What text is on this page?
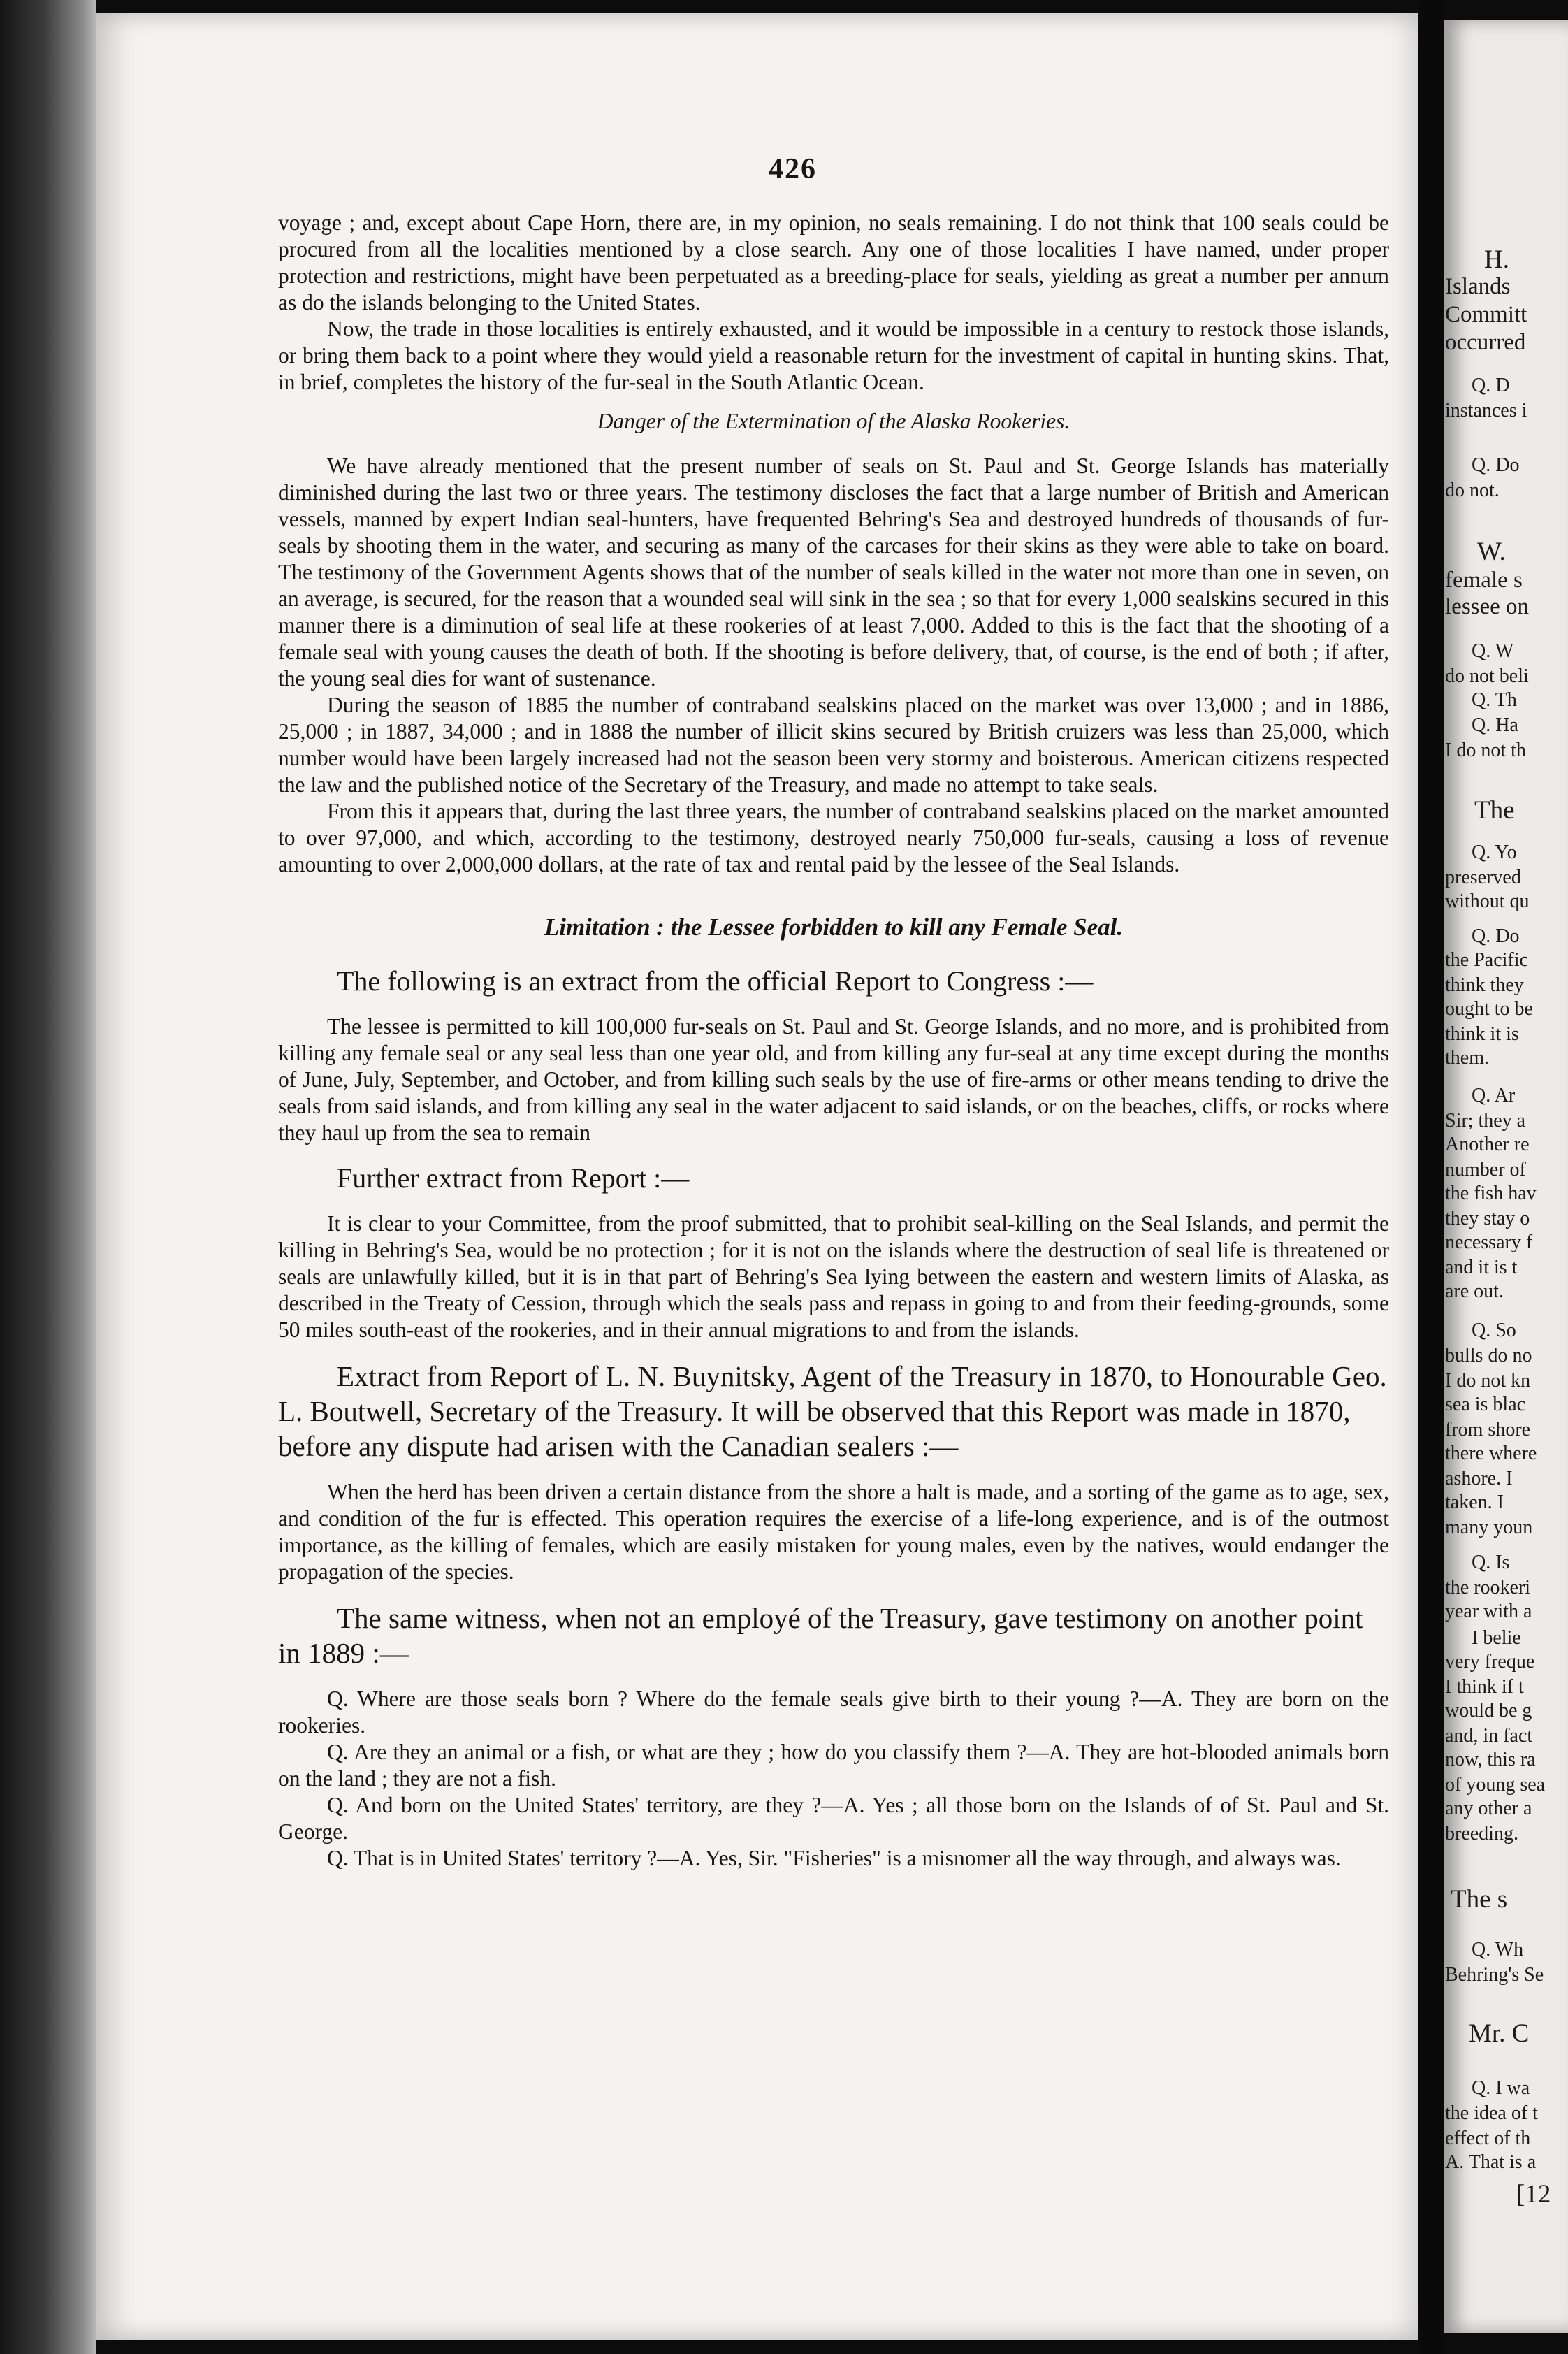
426

voyage ; and, except about Cape Horn, there are, in my opinion, no seals remaining. I do not think that 100 seals could be procured from all the localities mentioned by a close search. Any one of those localities I have named, under proper protection and restrictions, might have been perpetuated as a breeding-place for seals, yielding as great a number per annum as do the islands belonging to the United States.

Now, the trade in those localities is entirely exhausted, and it would be impossible in a century to restock those islands, or bring them back to a point where they would yield a reasonable return for the investment of capital in hunting skins. That, in brief, completes the history of the fur-seal in the South Atlantic Ocean.

Danger of the Extermination of the Alaska Rookeries.

We have already mentioned that the present number of seals on St. Paul and St. George Islands has materially diminished during the last two or three years. The testimony discloses the fact that a large number of British and American vessels, manned by expert Indian seal-hunters, have frequented Behring's Sea and destroyed hundreds of thousands of fur-seals by shooting them in the water, and securing as many of the carcases for their skins as they were able to take on board. The testimony of the Government Agents shows that of the number of seals killed in the water not more than one in seven, on an average, is secured, for the reason that a wounded seal will sink in the sea ; so that for every 1,000 sealskins secured in this manner there is a diminution of seal life at these rookeries of at least 7,000. Added to this is the fact that the shooting of a female seal with young causes the death of both. If the shooting is before delivery, that, of course, is the end of both ; if after, the young seal dies for want of sustenance.

During the season of 1885 the number of contraband sealskins placed on the market was over 13,000 ; and in 1886, 25,000 ; in 1887, 34,000 ; and in 1888 the number of illicit skins secured by British cruizers was less than 25,000, which number would have been largely increased had not the season been very stormy and boisterous. American citizens respected the law and the published notice of the Secretary of the Treasury, and made no attempt to take seals.

From this it appears that, during the last three years, the number of contraband sealskins placed on the market amounted to over 97,000, and which, according to the testimony, destroyed nearly 750,000 fur-seals, causing a loss of revenue amounting to over 2,000,000 dollars, at the rate of tax and rental paid by the lessee of the Seal Islands.

Limitation : the Lessee forbidden to kill any Female Seal.

The following is an extract from the official Report to Congress :—

The lessee is permitted to kill 100,000 fur-seals on St. Paul and St. George Islands, and no more, and is prohibited from killing any female seal or any seal less than one year old, and from killing any fur-seal at any time except during the months of June, July, September, and October, and from killing such seals by the use of fire-arms or other means tending to drive the seals from said islands, and from killing any seal in the water adjacent to said islands, or on the beaches, cliffs, or rocks where they haul up from the sea to remain

Further extract from Report :—

It is clear to your Committee, from the proof submitted, that to prohibit seal-killing on the Seal Islands, and permit the killing in Behring's Sea, would be no protection ; for it is not on the islands where the destruction of seal life is threatened or seals are unlawfully killed, but it is in that part of Behring's Sea lying between the eastern and western limits of Alaska, as described in the Treaty of Cession, through which the seals pass and repass in going to and from their feeding-grounds, some 50 miles south-east of the rookeries, and in their annual migrations to and from the islands.

Extract from Report of L. N. Buynitsky, Agent of the Treasury in 1870, to Honourable Geo. L. Boutwell, Secretary of the Treasury. It will be observed that this Report was made in 1870, before any dispute had arisen with the Canadian sealers :—

When the herd has been driven a certain distance from the shore a halt is made, and a sorting of the game as to age, sex, and condition of the fur is effected. This operation requires the exercise of a life-long experience, and is of the outmost importance, as the killing of females, which are easily mistaken for young males, even by the natives, would endanger the propagation of the species.

The same witness, when not an employé of the Treasury, gave testimony on another point in 1889 :—

Q. Where are those seals born ? Where do the female seals give birth to their young ?—A. They are born on the rookeries.

Q. Are they an animal or a fish, or what are they ; how do you classify them ?—A. They are hot-blooded animals born on the land ; they are not a fish.

Q. And born on the United States' territory, are they ?—A. Yes ; all those born on the Islands of of St. Paul and St. George.

Q. That is in United States' territory ?—A. Yes, Sir. "Fisheries" is a misnomer all the way through, and always was.

H.
Islands
Committ
occurred
Q. D
instances i
Q. Do
do not.
W.
female s
lessee on
Q. W
do not beli
Q. Th
Q. Ha
I do not th
The
Q. Yo
preserved
without qu
Q. Do
the Pacific
think they
ought to be
think it is
them.
Q. Ar
Sir; they a
Another re
number of
the fish hav
they stay o
necessary f
and it is t
are out.
Q. So
bulls do no
I do not kn
sea is blac
from shore
there where
ashore. I
taken. I
many youn
Q. Is
the rookeri
year with a
I belie
very freque
I think if t
would be g
and, in fact
now, this ra
of young sea
any other a
breeding.
The s
Q. Wh
Behring's Se
Mr. C
Q. I wa
the idea of t
effect of th
A. That is a
[12
